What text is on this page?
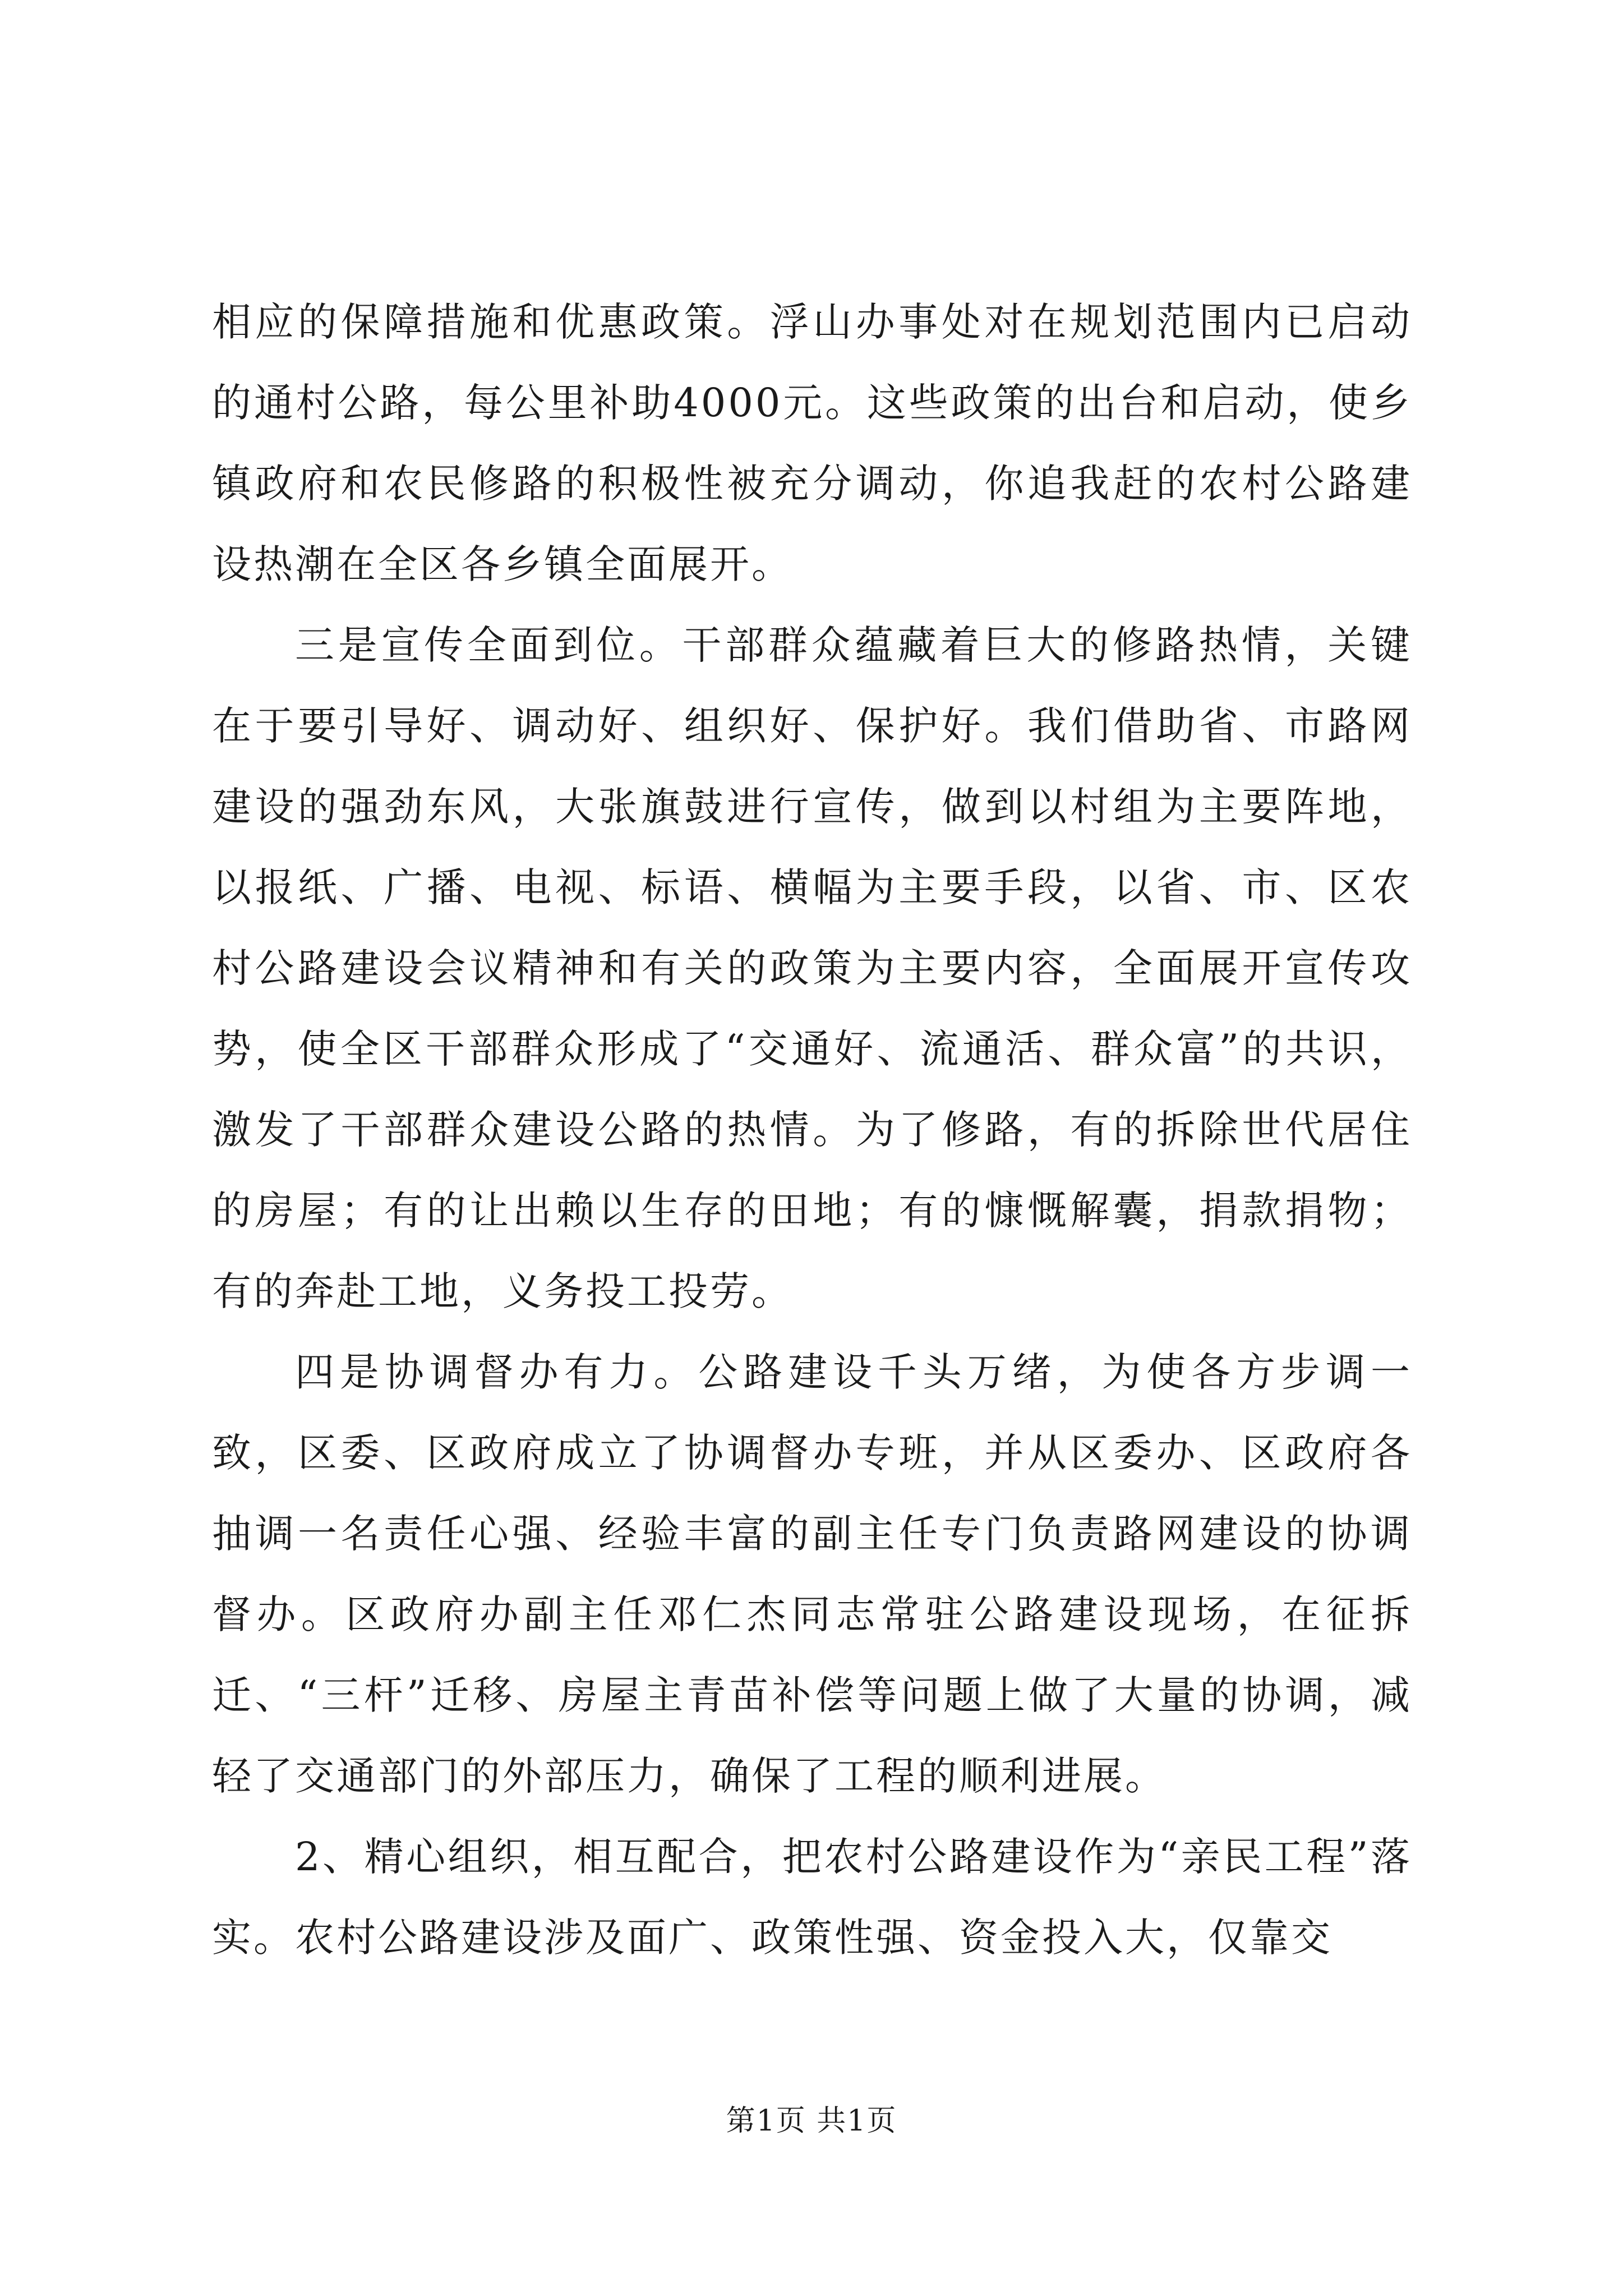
相应的保障措施和优惠政策。浮山办事处对在规划范围内已启动的通村公路，每公里补助4000元。这些政策的出台和启动，使乡镇政府和农民修路的积极性被充分调动，你追我赶的农村公路建设热潮在全区各乡镇全面展开。

三是宣传全面到位。干部群众蕴藏着巨大的修路热情，关键在于要引导好、调动好、组织好、保护好。我们借助省、市路网建设的强劲东风，大张旗鼓进行宣传，做到以村组为主要阵地，以报纸、广播、电视、标语、横幅为主要手段，以省、市、区农村公路建设会议精神和有关的政策为主要内容，全面展开宣传攻势，使全区干部群众形成了“交通好、流通活、群众富”的共识，激发了干部群众建设公路的热情。为了修路，有的拆除世代居住的房屋；有的让出赖以生存的田地；有的慷慨解囊，捐款捐物；有的奔赴工地，义务投工投劳。

四是协调督办有力。公路建设千头万绪，为使各方步调一致，区委、区政府成立了协调督办专班，并从区委办、区政府各抽调一名责任心强、经验丰富的副主任专门负责路网建设的协调督办。区政府办副主任邓仁杰同志常驻公路建设现场，在征拆迁、“三杆”迁移、房屋主青苗补偿等问题上做了大量的协调，减轻了交通部门的外部压力，确保了工程的顺利进展。

2、精心组织，相互配合，把农村公路建设作为“亲民工程”落实。农村公路建设涉及面广、政策性强、资金投入大，仅靠交

第1页 共1页
